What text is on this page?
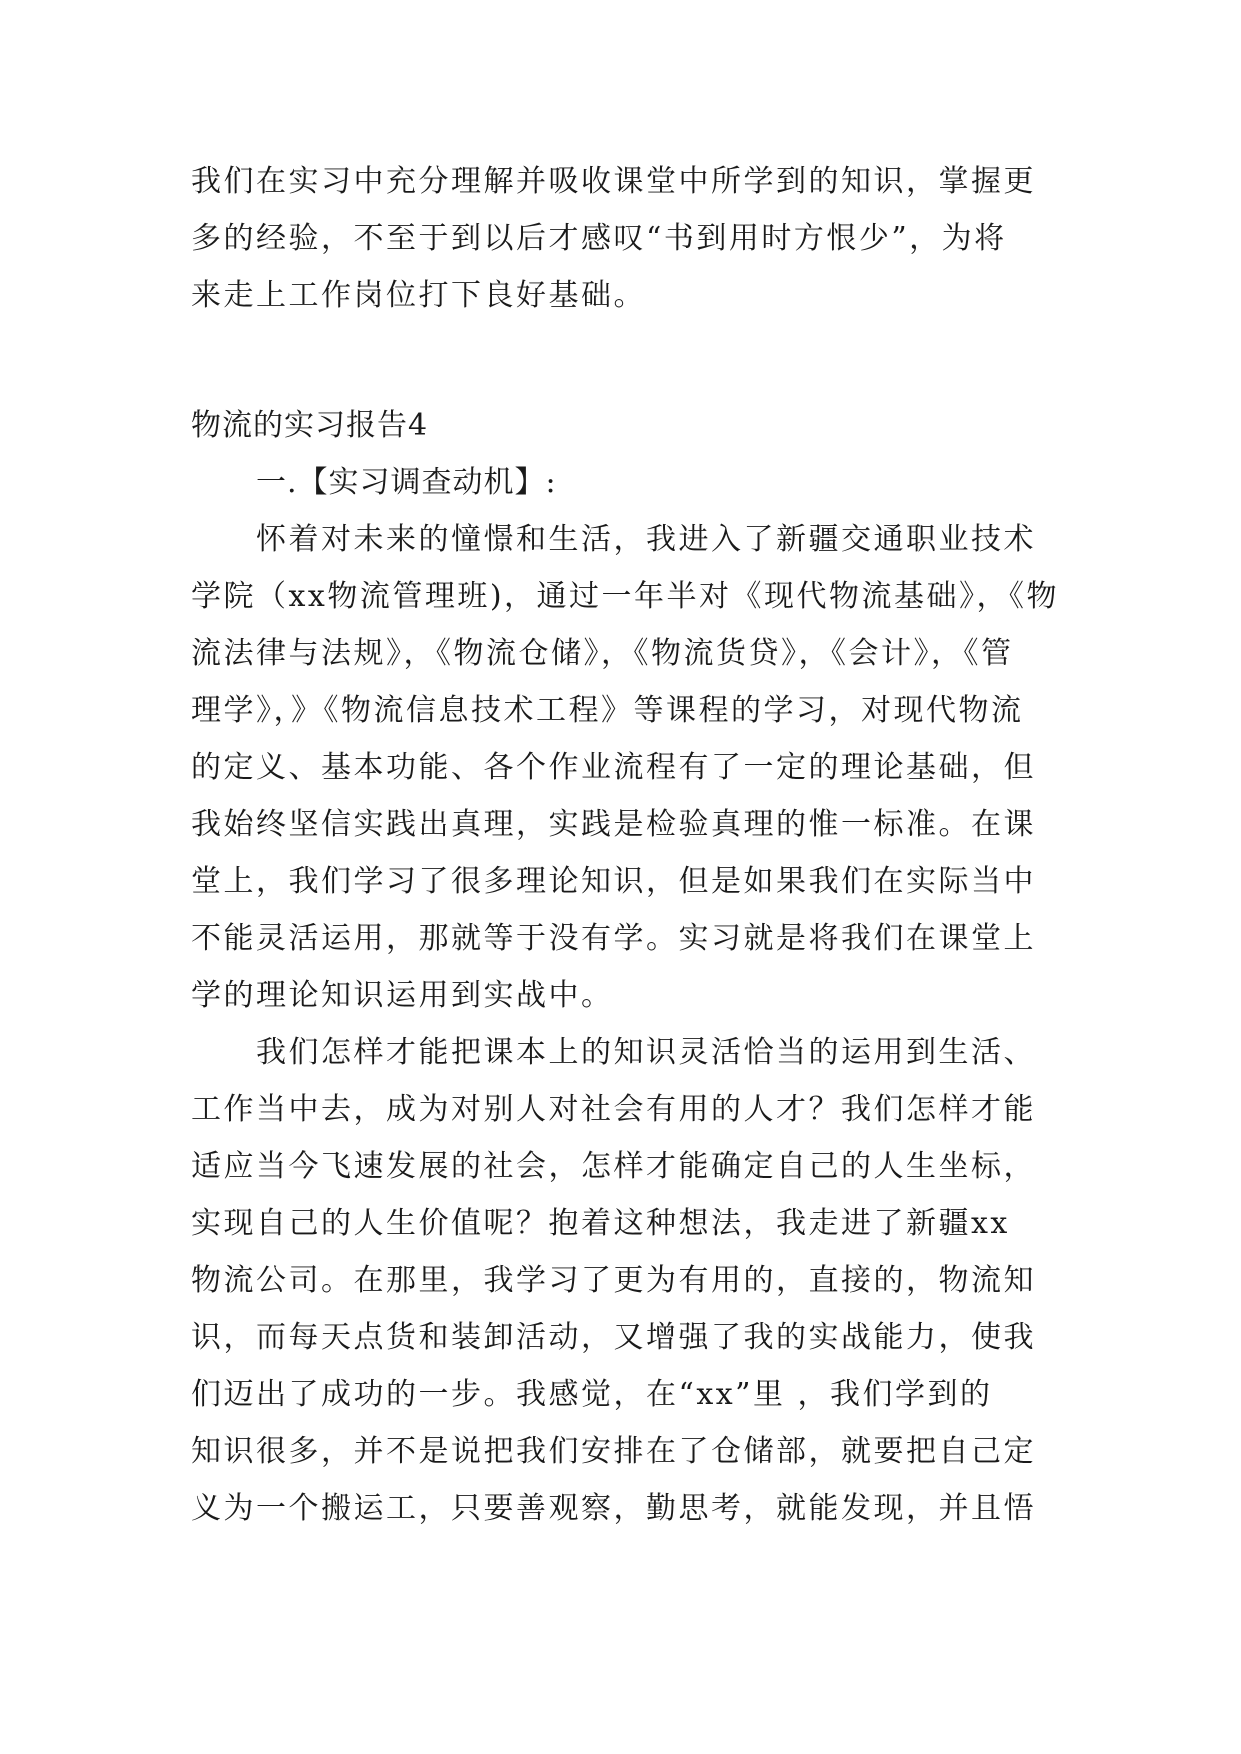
我们在实习中充分理解并吸收课堂中所学到的知识，掌握更
多的经验，不至于到以后才感叹“书到用时方恨少”，为将
来走上工作岗位打下良好基础。
物流的实习报告4
一.【实习调查动机】:
怀着对未来的憧憬和生活，我进入了新疆交通职业技术
学院（xx物流管理班)，通过一年半对《现代物流基础》，《物
流法律与法规》，《物流仓储》，《物流货贷》，《会计》，《管
理学》，》《物流信息技术工程》等课程的学习，对现代物流
的定义、基本功能、各个作业流程有了一定的理论基础，但
我始终坚信实践出真理，实践是检验真理的惟一标准。在课
堂上，我们学习了很多理论知识，但是如果我们在实际当中
不能灵活运用，那就等于没有学。实习就是将我们在课堂上
学的理论知识运用到实战中。
我们怎样才能把课本上的知识灵活恰当的运用到生活、
工作当中去，成为对别人对社会有用的人才？我们怎样才能
适应当今飞速发展的社会，怎样才能确定自己的人生坐标，
实现自己的人生价值呢？抱着这种想法，我走进了新疆xx
物流公司。在那里，我学习了更为有用的，直接的，物流知
识，而每天点货和装卸活动，又增强了我的实战能力，使我
们迈出了成功的一步。我感觉，在“xx”里 ，我们学到的
知识很多，并不是说把我们安排在了仓储部，就要把自己定
义为一个搬运工，只要善观察，勤思考，就能发现，并且悟
